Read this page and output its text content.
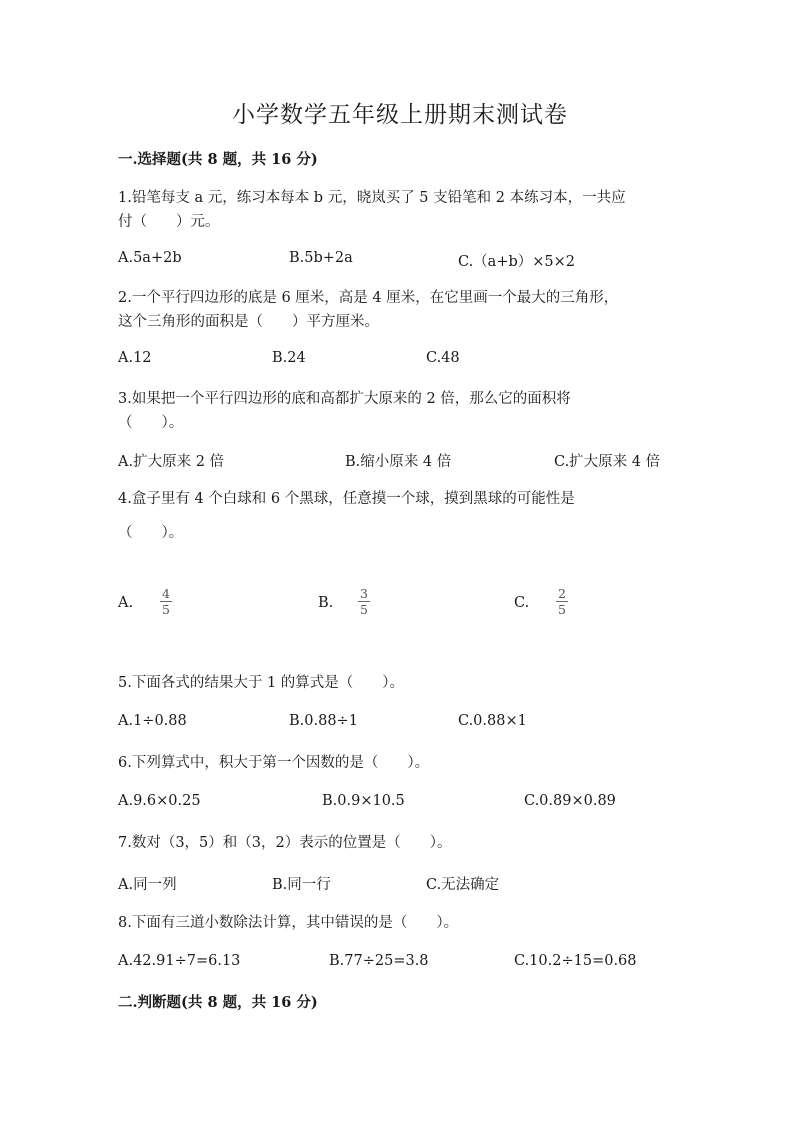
小学数学五年级上册期末测试卷
一.选择题(共 8 题，共 16 分)
1.铅笔每支 a 元，练习本每本 b 元，晓岚买了 5 支铅笔和 2 本练习本，一共应
付（　　）元。
A.5a+2b	B.5b+2a	C.（a+b）×5×2
2.一个平行四边形的底是 6 厘米，高是 4 厘米，在它里画一个最大的三角形，
这个三角形的面积是（　　）平方厘米。
A.12	B.24	C.48
3.如果把一个平行四边形的底和高都扩大原来的 2 倍，那么它的面积将
（　　）。
A.扩大原来 2 倍	B.缩小原来 4 倍	C.扩大原来 4 倍
4.盒子里有 4 个白球和 6 个黑球，任意摸一个球，摸到黑球的可能性是
（　　）。
A.
4
5	B.
3
5	C.
2
5
5.下面各式的结果大于 1 的算式是（　　）。
A.1÷0.88	B.0.88÷1	C.0.88×1
6.下列算式中，积大于第一个因数的是（　　）。
A.9.6×0.25	B.0.9×10.5	C.0.89×0.89
7.数对（3，5）和（3，2）表示的位置是（　　）。
A.同一列	B.同一行	C.无法确定
8.下面有三道小数除法计算，其中错误的是（　　）。
A.42.91÷7=6.13	B.77÷25=3.8	C.10.2÷15=0.68
二.判断题(共 8 题，共 16 分)
